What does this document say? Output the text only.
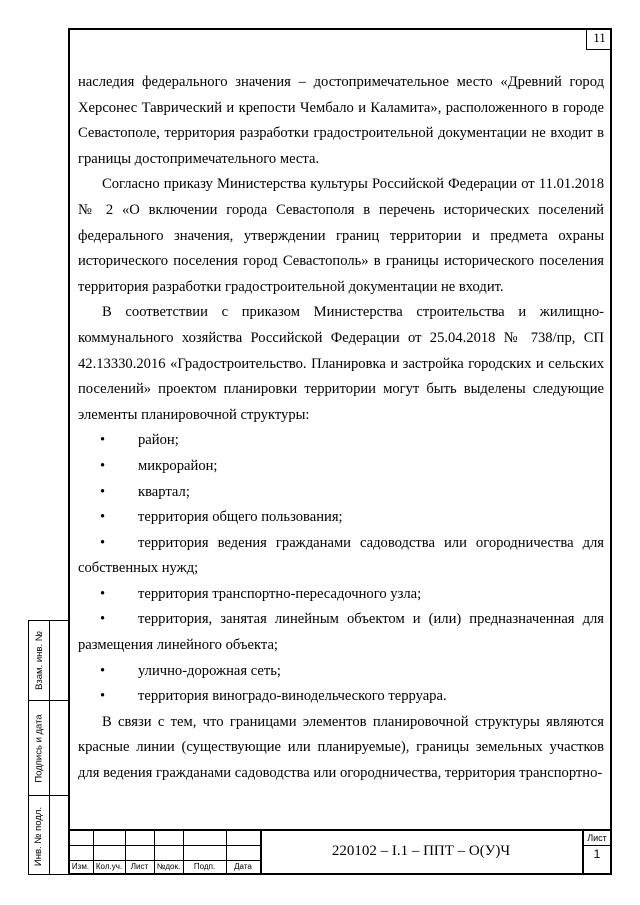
11

наследия федерального значения – достопримечательное место «Древний город Херсонес Таврический и крепости Чембало и Каламита», расположенного в городе Севастополе, территория разработки градостроительной документации не входит в границы достопримечательного места.

Согласно приказу Министерства культуры Российской Федерации от 11.01.2018 № 2 «О включении города Севастополя в перечень исторических поселений федерального значения, утверждении границ территории и предмета охраны исторического поселения город Севастополь» в границы исторического поселения территория разработки градостроительной документации не входит.

В соответствии с приказом Министерства строительства и жилищно-коммунального хозяйства Российской Федерации от 25.04.2018 № 738/пр, СП 42.13330.2016 «Градостроительство. Планировка и застройка городских и сельских поселений» проектом планировки территории могут быть выделены следующие элементы планировочной структуры:

• район;

• микрорайон;

• квартал;

• территория общего пользования;

• территория ведения гражданами садоводства или огородничества для собственных нужд;

• территория транспортно-пересадочного узла;

• территория, занятая линейным объектом и (или) предназначенная для размещения линейного объекта;

• улично-дорожная сеть;

• территория виноградо-винодельческого терруара.

В связи с тем, что границами элементов планировочной структуры являются красные линии (существующие или планируемые), границы земельных участков для ведения гражданами садоводства или огородничества, территория транспортно-

Взам. инв. №
Подпись и дата
Инв. № подл.
Изм. Кол.уч.	Лист	№док.	Подп.	Дата
220102 – І.1 – ППТ – О(У)Ч
Лист
1
